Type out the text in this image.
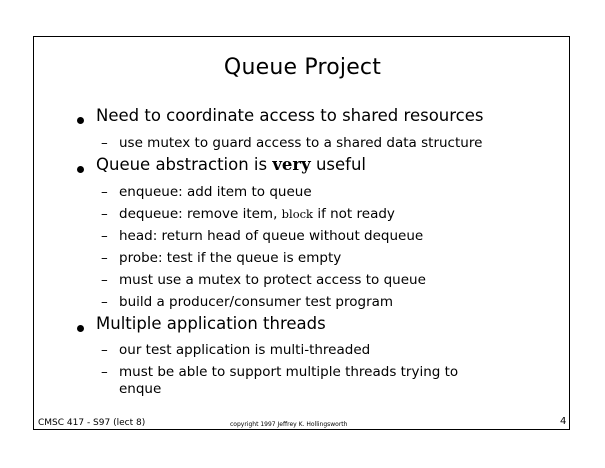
Queue Project
Need to coordinate access to shared resources
– use mutex to guard access to a shared data structure
Queue abstraction is very useful
– enqueue: add item to queue
– dequeue: remove item, block if not ready
– head: return head of queue without dequeue
– probe: test if the queue is empty
– must use a mutex to protect access to queue
– build a producer/consumer test program
Multiple application threads
– our test application is multi-threaded
– must be able to support multiple threads trying to
enque
CMSC 417 - S97 (lect 8)	copyright 1997 Jeffrey K. Hollingsworth	4
